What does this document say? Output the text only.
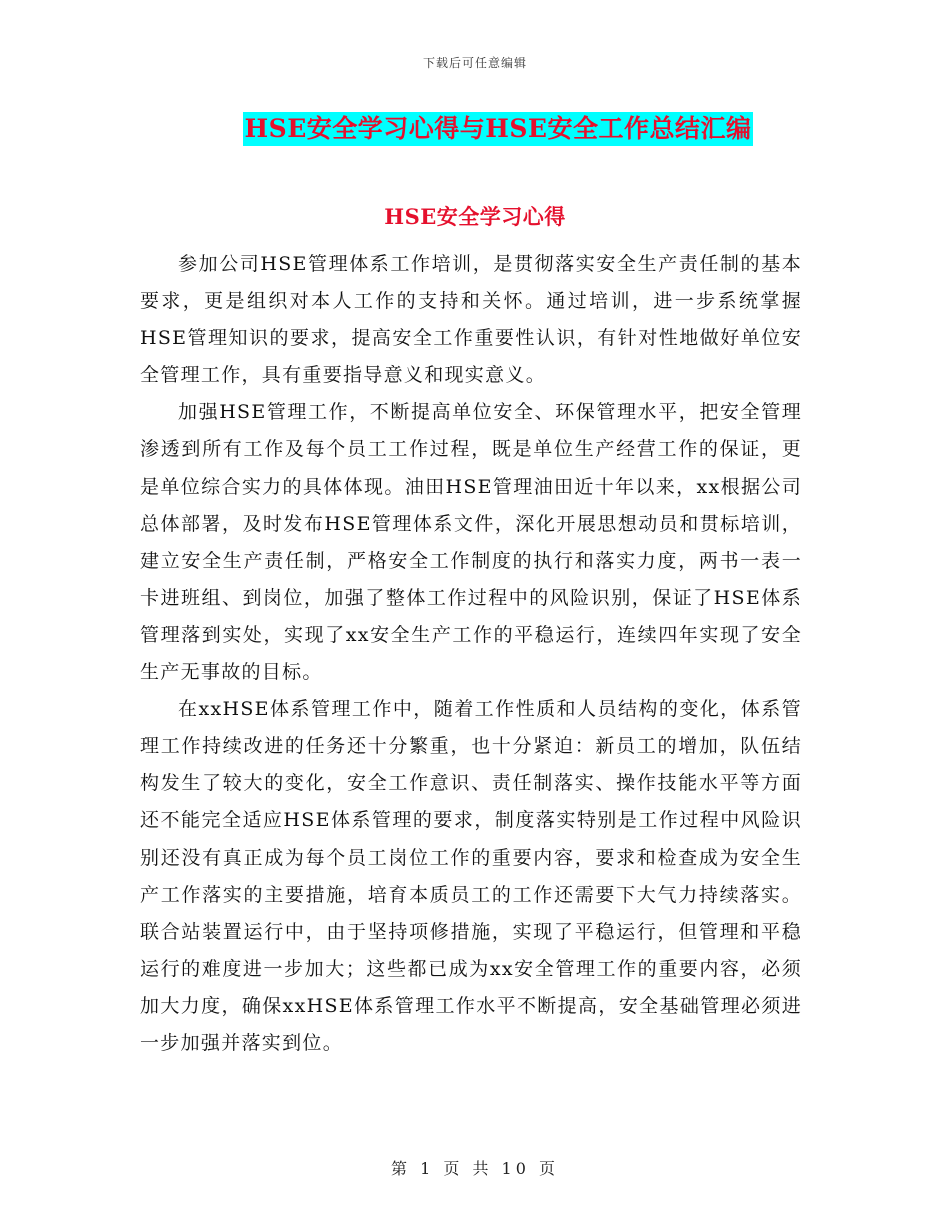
下载后可任意编辑
HSE安全学习心得与HSE安全工作总结汇编
HSE安全学习心得

参加公司HSE管理体系工作培训，是贯彻落实安全生产责任制的基本要求，更是组织对本人工作的支持和关怀。通过培训，进一步系统掌握HSE管理知识的要求，提高安全工作重要性认识，有针对性地做好单位安全管理工作，具有重要指导意义和现实意义。

加强HSE管理工作，不断提高单位安全、环保管理水平，把安全管理渗透到所有工作及每个员工工作过程，既是单位生产经营工作的保证，更是单位综合实力的具体体现。油田HSE管理油田近十年以来，xx根据公司总体部署，及时发布HSE管理体系文件，深化开展思想动员和贯标培训，建立安全生产责任制，严格安全工作制度的执行和落实力度，两书一表一卡进班组、到岗位，加强了整体工作过程中的风险识别，保证了HSE体系管理落到实处，实现了xx安全生产工作的平稳运行，连续四年实现了安全生产无事故的目标。

在xxHSE体系管理工作中，随着工作性质和人员结构的变化，体系管理工作持续改进的任务还十分繁重，也十分紧迫：新员工的增加，队伍结构发生了较大的变化，安全工作意识、责任制落实、操作技能水平等方面还不能完全适应HSE体系管理的要求，制度落实特别是工作过程中风险识别还没有真正成为每个员工岗位工作的重要内容，要求和检查成为安全生产工作落实的主要措施，培育本质员工的工作还需要下大气力持续落实。联合站装置运行中，由于坚持项修措施，实现了平稳运行，但管理和平稳运行的难度进一步加大；这些都已成为xx安全管理工作的重要内容，必须加大力度，确保xxHSE体系管理工作水平不断提高，安全基础管理必须进一步加强并落实到位。

第 1 页 共 10 页
